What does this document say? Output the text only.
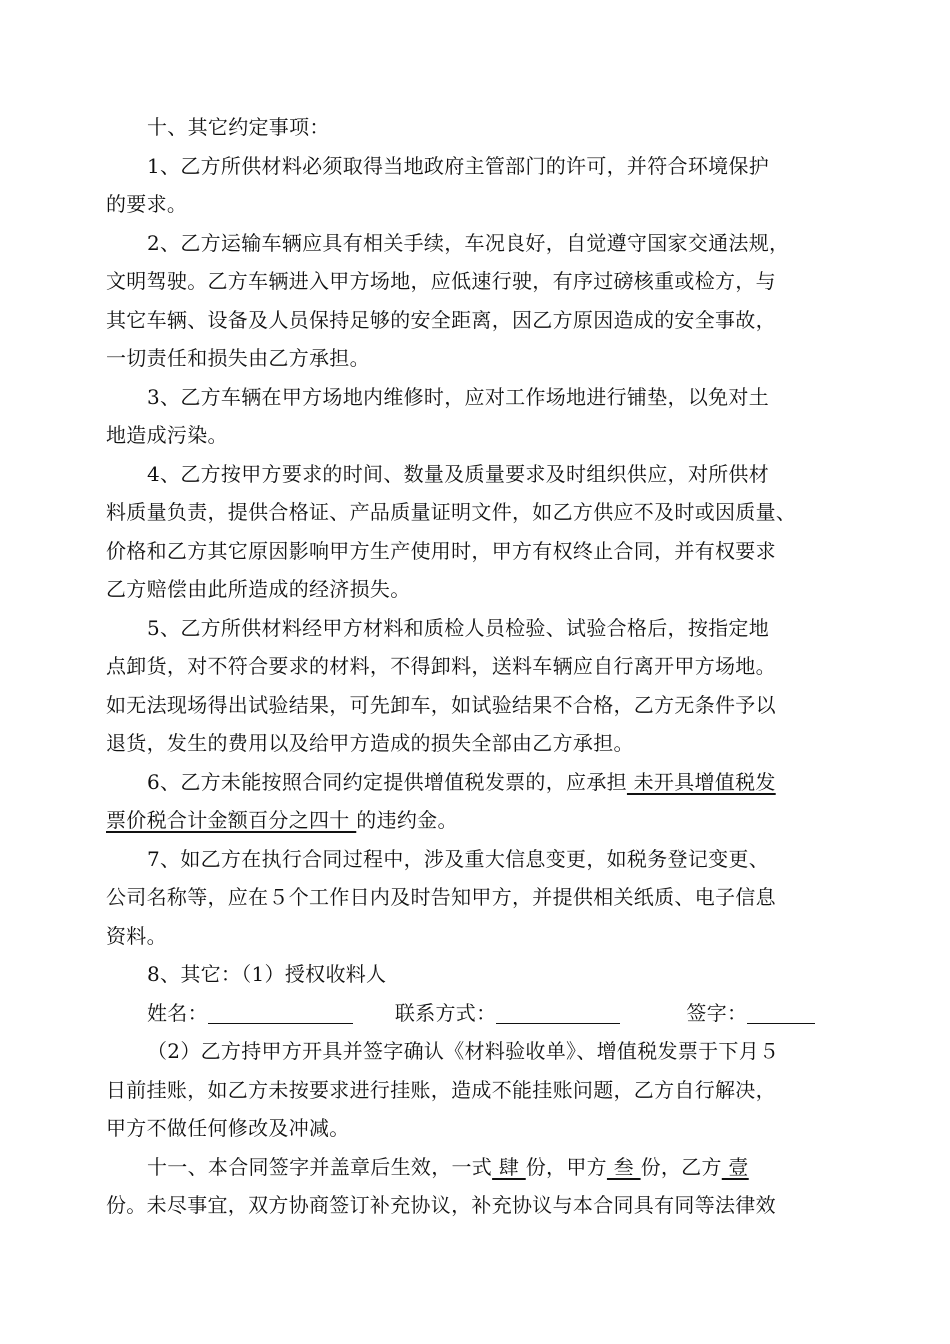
十、其它约定事项：

1、乙方所供材料必须取得当地政府主管部门的许可，并符合环境保护
的要求。

2、乙方运输车辆应具有相关手续，车况良好，自觉遵守国家交通法规，
文明驾驶。乙方车辆进入甲方场地，应低速行驶，有序过磅核重或检方，与
其它车辆、设备及人员保持足够的安全距离，因乙方原因造成的安全事故，
一切责任和损失由乙方承担。

3、乙方车辆在甲方场地内维修时，应对工作场地进行铺垫，以免对土
地造成污染。

4、乙方按甲方要求的时间、数量及质量要求及时组织供应，对所供材
料质量负责，提供合格证、产品质量证明文件，如乙方供应不及时或因质量、
价格和乙方其它原因影响甲方生产使用时，甲方有权终止合同，并有权要求
乙方赔偿由此所造成的经济损失。

5、乙方所供材料经甲方材料和质检人员检验、试验合格后，按指定地
点卸货，对不符合要求的材料，不得卸料，送料车辆应自行离开甲方场地。
如无法现场得出试验结果，可先卸车，如试验结果不合格，乙方无条件予以
退货，发生的费用以及给甲方造成的损失全部由乙方承担。

6、乙方未能按照合同约定提供增值税发票的，应承担 未开具增值税发
票价税合计金额百分之四十 的违约金。

7、如乙方在执行合同过程中，涉及重大信息变更，如税务登记变更、
公司名称等，应在５个工作日内及时告知甲方，并提供相关纸质、电子信息
资料。

8、其它：（1）授权收料人

姓名：	联系方式：	签字：

（2）乙方持甲方开具并签字确认《材料验收单》、增值税发票于下月５
日前挂账，如乙方未按要求进行挂账，造成不能挂账问题，乙方自行解决，
甲方不做任何修改及冲减。

十一、本合同签字并盖章后生效，一式 肆 份，甲方 叁 份，乙方 壹
份。未尽事宜，双方协商签订补充协议，补充协议与本合同具有同等法律效
